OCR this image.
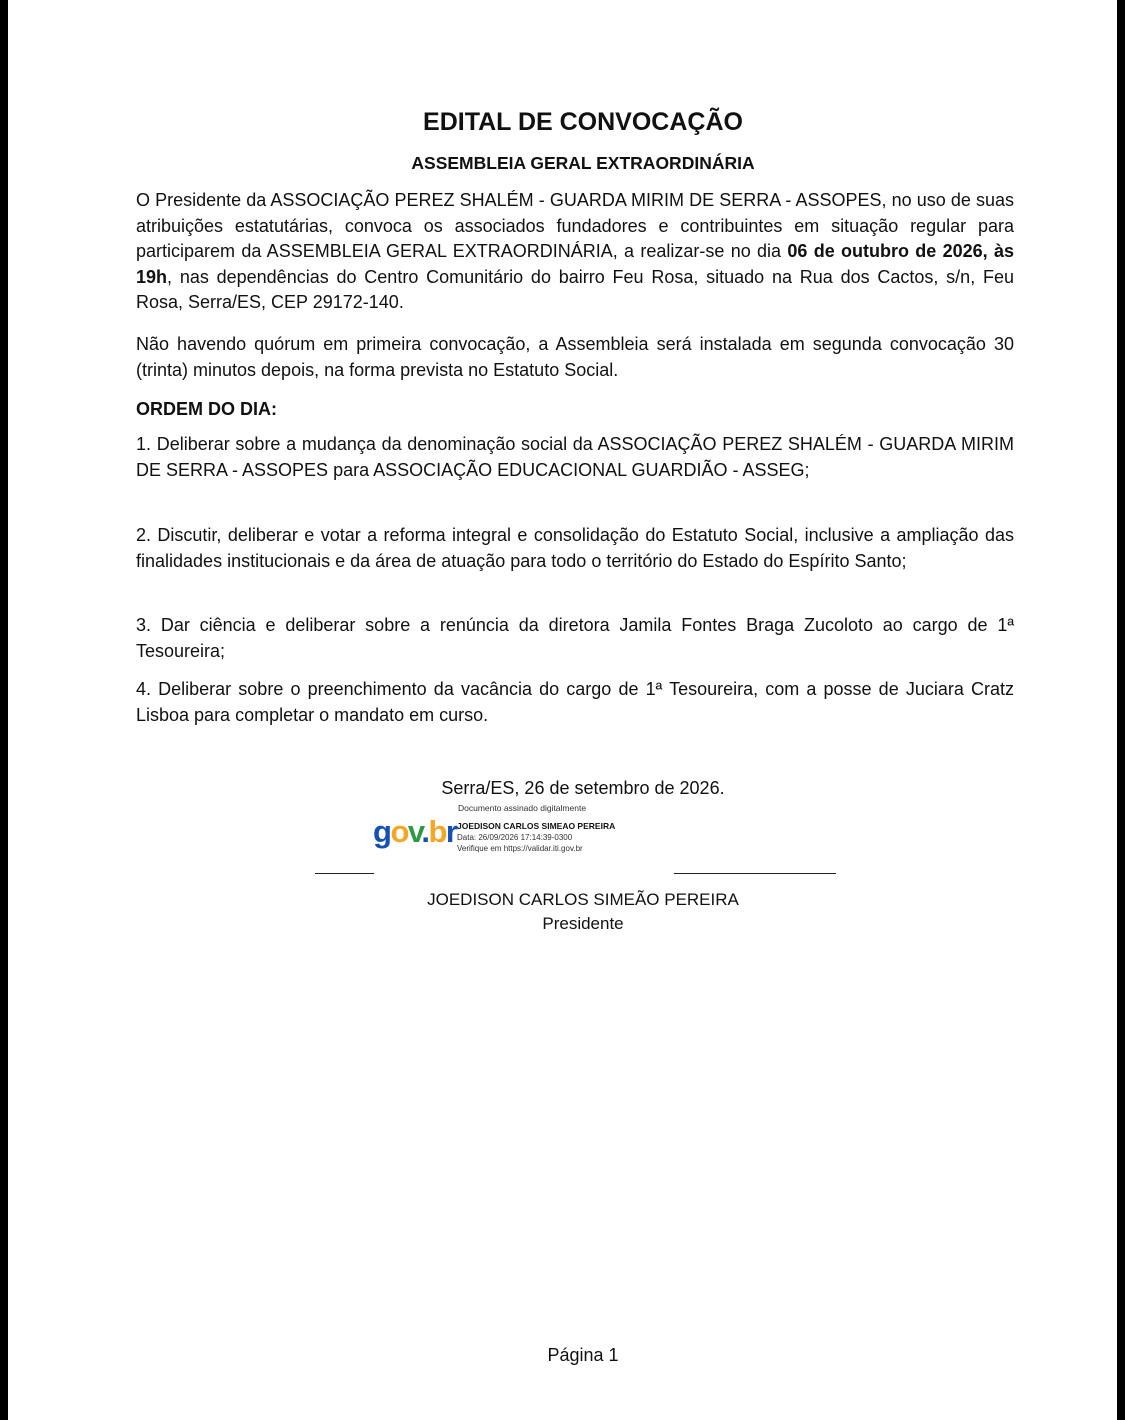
EDITAL DE CONVOCAÇÃO
ASSEMBLEIA GERAL EXTRAORDINÁRIA

O Presidente da ASSOCIAÇÃO PEREZ SHALÉM - GUARDA MIRIM DE SERRA - ASSOPES, no uso de suas atribuições estatutárias, convoca os associados fundadores e contribuintes em situação regular para participarem da ASSEMBLEIA GERAL EXTRAORDINÁRIA, a realizar-se no dia 06 de outubro de 2026, às 19h, nas dependências do Centro Comunitário do bairro Feu Rosa, situado na Rua dos Cactos, s/n, Feu Rosa, Serra/ES, CEP 29172-140.

Não havendo quórum em primeira convocação, a Assembleia será instalada em segunda convocação 30 (trinta) minutos depois, na forma prevista no Estatuto Social.

ORDEM DO DIA:

1. Deliberar sobre a mudança da denominação social da ASSOCIAÇÃO PEREZ SHALÉM - GUARDA MIRIM DE SERRA - ASSOPES para ASSOCIAÇÃO EDUCACIONAL GUARDIÃO - ASSEG;

2. Discutir, deliberar e votar a reforma integral e consolidação do Estatuto Social, inclusive a ampliação das finalidades institucionais e da área de atuação para todo o território do Estado do Espírito Santo;

3. Dar ciência e deliberar sobre a renúncia da diretora Jamila Fontes Braga Zucoloto ao cargo de 1ª Tesoureira;

4. Deliberar sobre o preenchimento da vacância do cargo de 1ª Tesoureira, com a posse de Juciara Cratz Lisboa para completar o mandato em curso.

Serra/ES, 26 de setembro de 2026.
gov.br
Documento assinado digitalmente
JOEDISON CARLOS SIMEAO PEREIRA
Data: 26/09/2026 17:14:39-0300
Verifique em https://validar.iti.gov.br
JOEDISON CARLOS SIMEÃO PEREIRA
Presidente
Página 1
